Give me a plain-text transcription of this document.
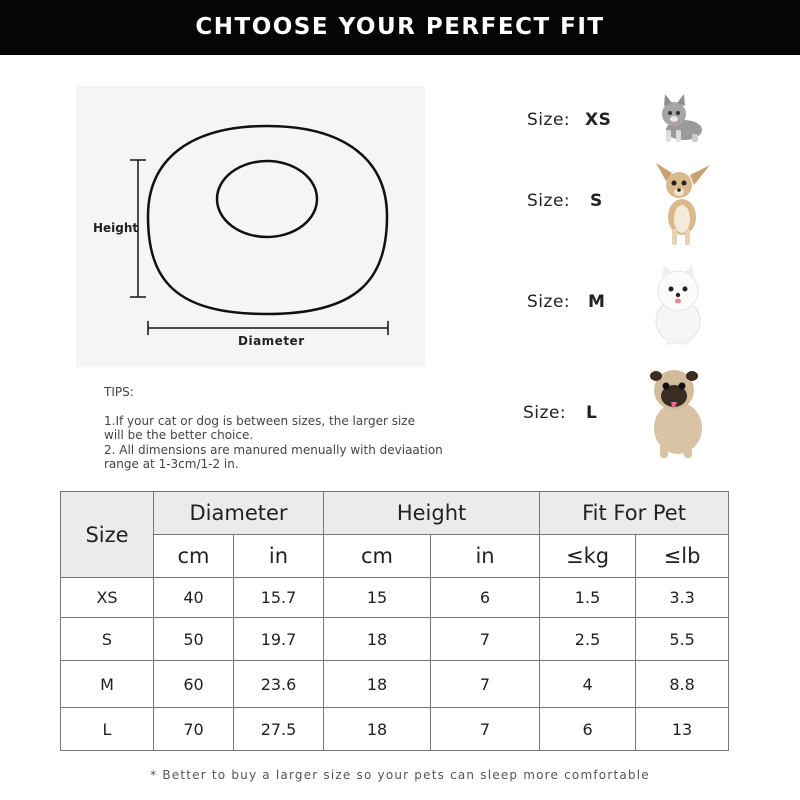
CHTOOSE YOUR PERFECT FIT
Height
Diameter
Size: XS
Size: S
Size: M
Size: L
TIPS:
1.If your cat or dog is between sizes, the larger size
will be the better choice.
2. All dimensions are manured menually with deviaation
range at 1-3cm/1-2 in.
Size	Diameter		Height		Fit For Pet	
	cm	in	cm	in	≤kg	≤lb
XS	40	15.7	15	6	1.5	3.3
S	50	19.7	18	7	2.5	5.5
M	60	23.6	18	7	4	8.8
L	70	27.5	18	7	6	13
* Better to buy a larger size so your pets can sleep more comfortable
